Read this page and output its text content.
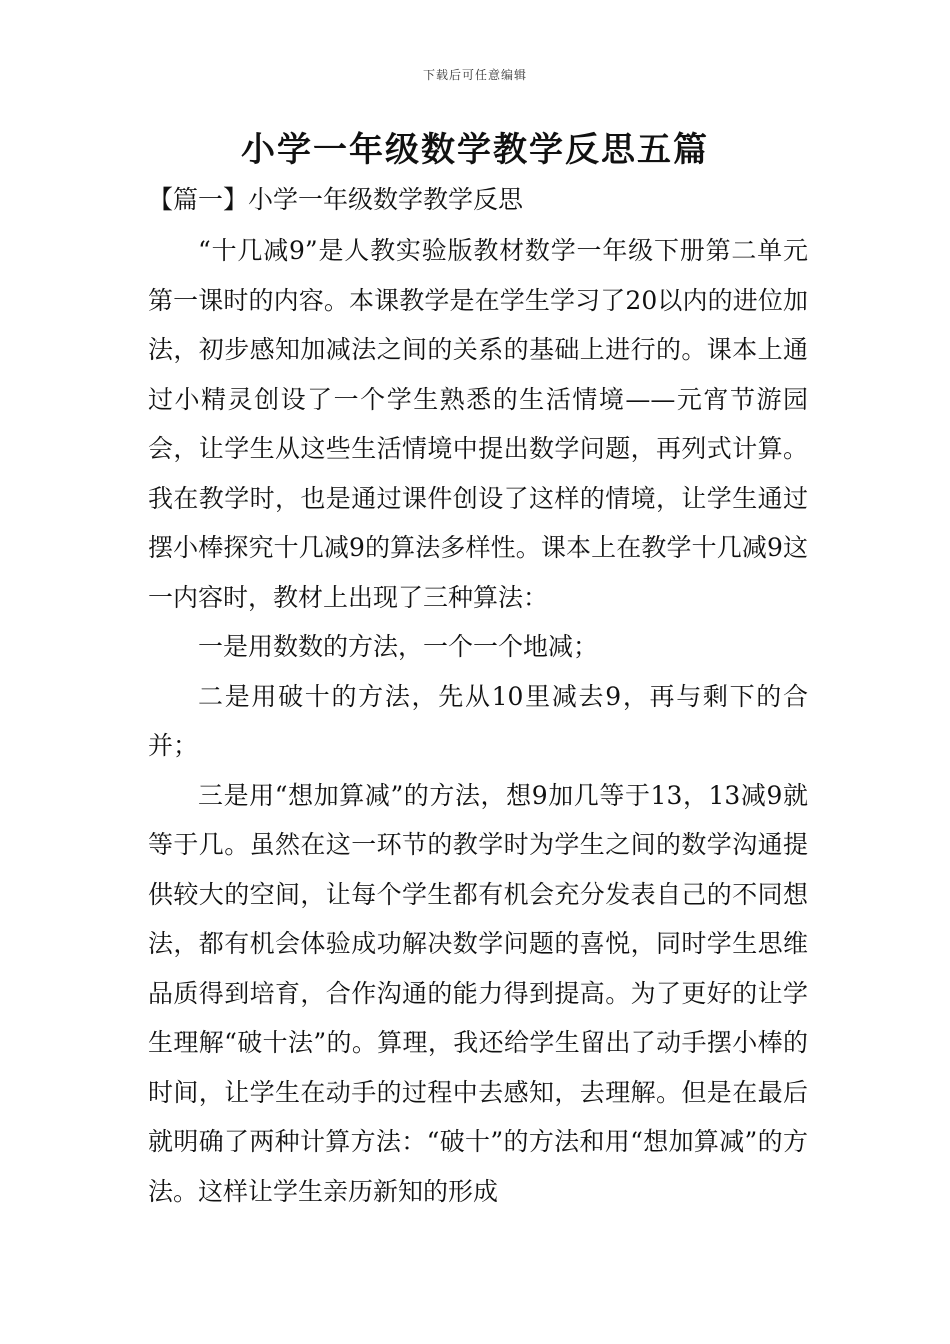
下载后可任意编辑
小学一年级数学教学反思五篇
【篇一】小学一年级数学教学反思

“十几减9”是人教实验版教材数学一年级下册第二单元第一课时的内容。本课教学是在学生学习了20以内的进位加法，初步感知加减法之间的关系的基础上进行的。课本上通过小精灵创设了一个学生熟悉的生活情境——元宵节游园会，让学生从这些生活情境中提出数学问题，再列式计算。我在教学时，也是通过课件创设了这样的情境，让学生通过摆小棒探究十几减9的算法多样性。课本上在教学十几减9这一内容时，教材上出现了三种算法：

一是用数数的方法，一个一个地减；

二是用破十的方法，先从10里减去9，再与剩下的合并；

三是用“想加算减”的方法，想9加几等于13，13减9就等于几。虽然在这一环节的教学时为学生之间的数学沟通提供较大的空间，让每个学生都有机会充分发表自己的不同想法，都有机会体验成功解决数学问题的喜悦，同时学生思维品质得到培育，合作沟通的能力得到提高。为了更好的让学生理解“破十法”的。算理，我还给学生留出了动手摆小棒的时间，让学生在动手的过程中去感知，去理解。但是在最后就明确了两种计算方法：“破十”的方法和用“想加算减”的方法。这样让学生亲历新知的形成
